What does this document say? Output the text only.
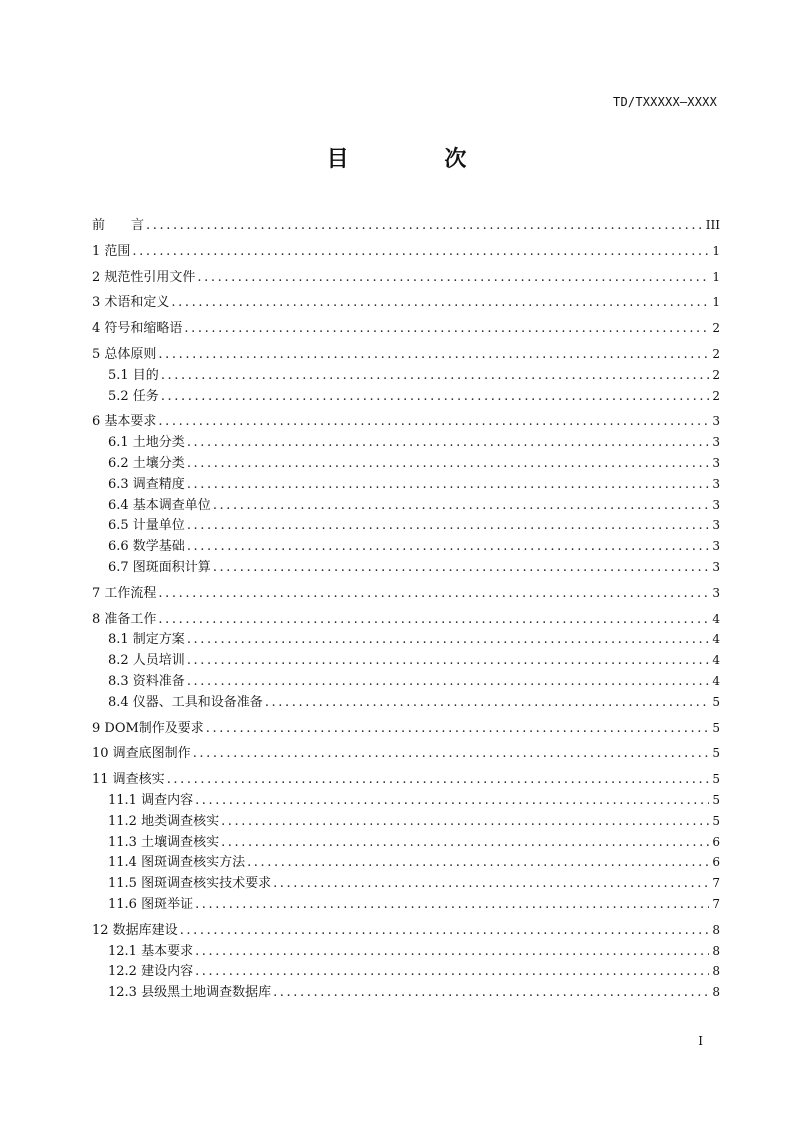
TD/TXXXXX—XXXX
目 次
前　　言 .....	III
1 范围 .....	1
2 规范性引用文件 .....	1
3 术语和定义 .....	1
4 符号和缩略语 .....	2
5 总体原则 .....	2
5.1 目的 .....	2
5.2 任务 .....	2
6 基本要求 .....	3
6.1 土地分类 .....	3
6.2 土壤分类 .....	3
6.3 调查精度 .....	3
6.4 基本调查单位 .....	3
6.5 计量单位 .....	3
6.6 数学基础 .....	3
6.7 图斑面积计算 .....	3
7 工作流程 .....	3
8 准备工作 .....	4
8.1 制定方案 .....	4
8.2 人员培训 .....	4
8.3 资料准备 .....	4
8.4 仪器、工具和设备准备 .....	5
9 DOM制作及要求 .....	5
10 调查底图制作 .....	5
11 调查核实 .....	5
11.1 调查内容 .....	5
11.2 地类调查核实 .....	5
11.3 土壤调查核实 .....	6
11.4 图斑调查核实方法 .....	6
11.5 图斑调查核实技术要求 .....	7
11.6 图斑举证 .....	7
12 数据库建设 .....	8
12.1 基本要求 .....	8
12.2 建设内容 .....	8
12.3 县级黑土地调查数据库 .....	8
I
